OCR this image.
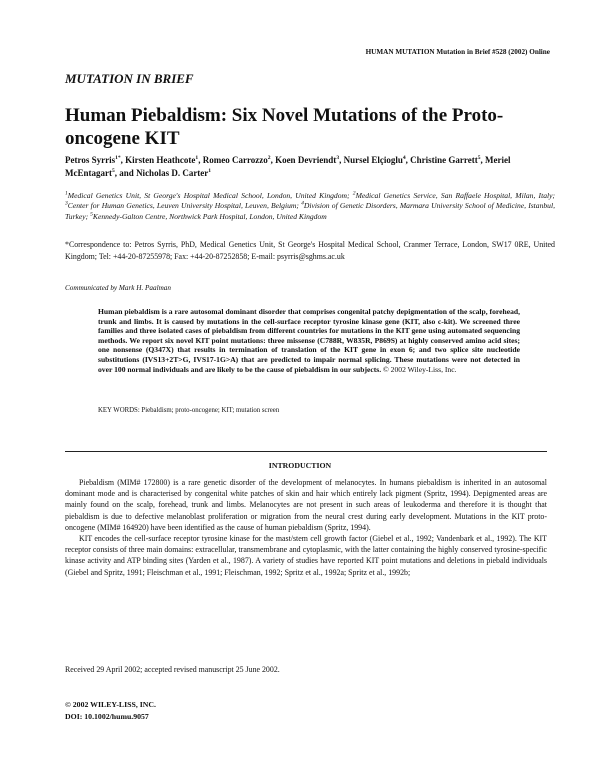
HUMAN MUTATION Mutation in Brief #528 (2002) Online
MUTATION IN BRIEF
Human Piebaldism: Six Novel Mutations of the Proto-oncogene KIT
Petros Syrris$^{1*}$, Kirsten Heathcote$^1$, Romeo Carrozzo$^2$, Koen Devriendt$^3$, Nursel Elçioglu$^4$, Christine Garrett$^5$, Meriel McEntagart$^5$, and Nicholas D. Carter$^1$
$^1$Medical Genetics Unit, St George's Hospital Medical School, London, United Kingdom; $^2$Medical Genetics Service, San Raffaele Hospital, Milan, Italy; $^3$Center for Human Genetics, Leuven University Hospital, Leuven, Belgium; $^4$Division of Genetic Disorders, Marmara University School of Medicine, Istanbul, Turkey; $^5$Kennedy-Galton Centre, Northwick Park Hospital, London, United Kingdom
*Correspondence to: Petros Syrris, PhD, Medical Genetics Unit, St George's Hospital Medical School, Cranmer Terrace, London, SW17 0RE, United Kingdom; Tel: +44-20-87255978; Fax: +44-20-87252858; E-mail: psyrris@sghms.ac.uk
Communicated by Mark H. Paalman
Human piebaldism is a rare autosomal dominant disorder that comprises congenital patchy depigmentation of the scalp, forehead, trunk and limbs. It is caused by mutations in the cell-surface receptor tyrosine kinase gene (KIT, also c-kit). We screened three families and three isolated cases of piebaldism from different countries for mutations in the KIT gene using automated sequencing methods. We report six novel KIT point mutations: three missense (C788R, W835R, P869S) at highly conserved amino acid sites; one nonsense (Q347X) that results in termination of translation of the KIT gene in exon 6; and two splice site nucleotide substitutions (IVS13+2T>G, IVS17-1G>A) that are predicted to impair normal splicing. These mutations were not detected in over 100 normal individuals and are likely to be the cause of piebaldism in our subjects. © 2002 Wiley-Liss, Inc.
KEY WORDS: Piebaldism; proto-oncogene; KIT; mutation screen
INTRODUCTION

Piebaldism (MIM# 172800) is a rare genetic disorder of the development of melanocytes. In humans piebaldism is inherited in an autosomal dominant mode and is characterised by congenital white patches of skin and hair which entirely lack pigment (Spritz, 1994). Depigmented areas are mainly found on the scalp, forehead, trunk and limbs. Melanocytes are not present in such areas of leukoderma and therefore it is thought that piebaldism is due to defective melanoblast proliferation or migration from the neural crest during early development. Mutations in the KIT proto-oncogene (MIM# 164920) have been identified as the cause of human piebaldism (Spritz, 1994).

KIT encodes the cell-surface receptor tyrosine kinase for the mast/stem cell growth factor (Giebel et al., 1992; Vandenbark et al., 1992). The KIT receptor consists of three main domains: extracellular, transmembrane and cytoplasmic, with the latter containing the highly conserved tyrosine-specific kinase activity and ATP binding sites (Yarden et al., 1987). A variety of studies have reported KIT point mutations and deletions in piebald individuals (Giebel and Spritz, 1991; Fleischman et al., 1991; Fleischman, 1992; Spritz et al., 1992a; Spritz et al., 1992b;

Received 29 April 2002; accepted revised manuscript 25 June 2002.
© 2002 WILEY-LISS, INC.
DOI: 10.1002/humu.9057
